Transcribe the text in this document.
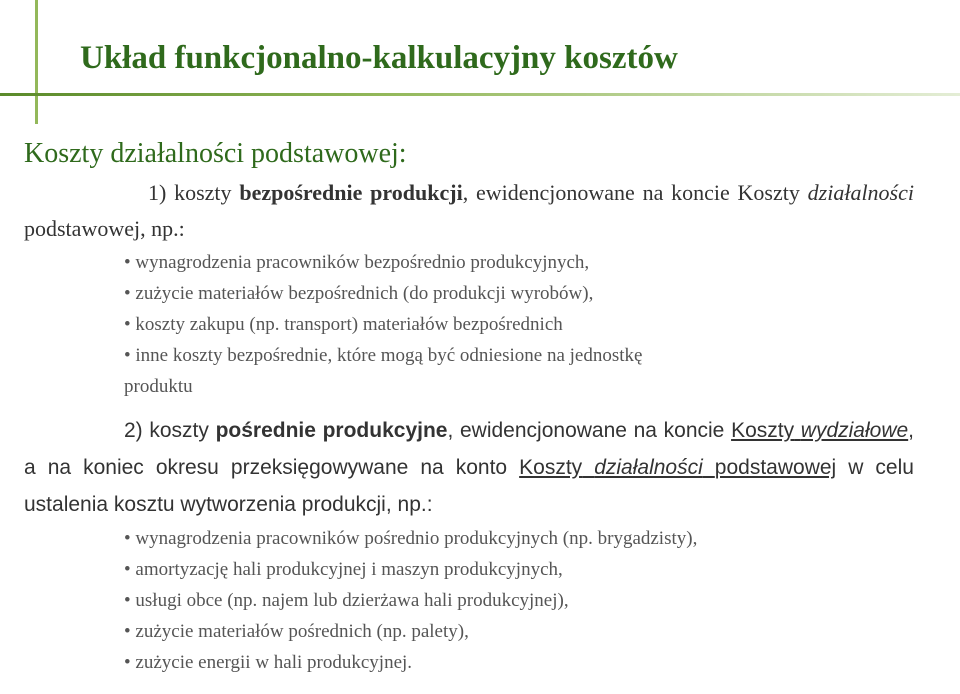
Układ funkcjonalno-kalkulacyjny kosztów

Koszty działalności podstawowej:

1) koszty bezpośrednie produkcji, ewidencjonowane na koncie Koszty działalności podstawowej, np.:

• wynagrodzenia pracowników bezpośrednio produkcyjnych,
• zużycie materiałów bezpośrednich (do produkcji wyrobów),
• koszty zakupu (np. transport) materiałów bezpośrednich
• inne koszty bezpośrednie, które mogą być odniesione na jednostkę
produktu

2) koszty pośrednie produkcyjne, ewidencjonowane na koncie Koszty wydziałowe, a na koniec okresu przeksięgowywane na konto Koszty działalności podstawowej w celu ustalenia kosztu wytworzenia produkcji, np.:

• wynagrodzenia pracowników pośrednio produkcyjnych (np. brygadzisty),
• amortyzację hali produkcyjnej i maszyn produkcyjnych,
• usługi obce (np. najem lub dzierżawa hali produkcyjnej),
• zużycie materiałów pośrednich (np. palety),
• zużycie energii w hali produkcyjnej.
